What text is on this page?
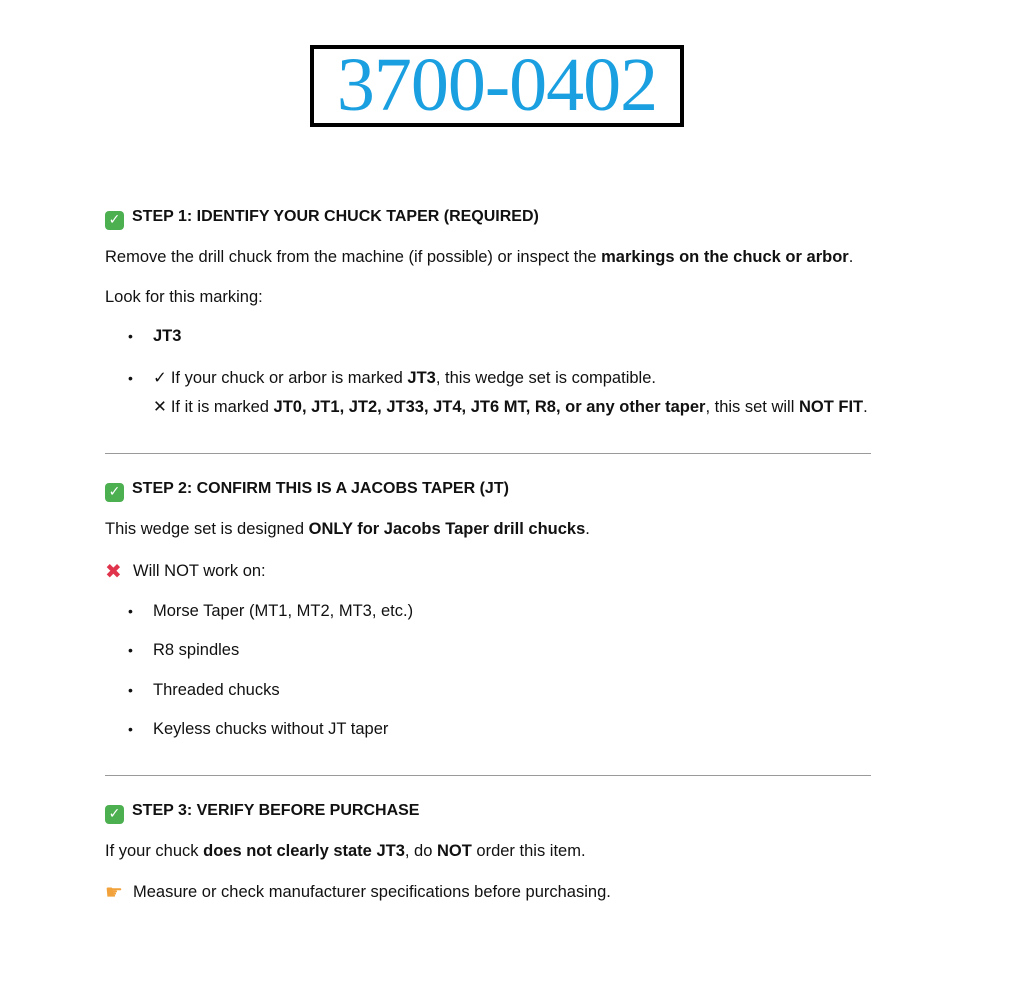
3700-0402
✓ STEP 1: IDENTIFY YOUR CHUCK TAPER (REQUIRED)
Remove the drill chuck from the machine (if possible) or inspect the markings on the chuck or arbor.
Look for this marking:
• JT3
• ✓ If your chuck or arbor is marked JT3, this wedge set is compatible.
✕ If it is marked JT0, JT1, JT2, JT33, JT4, JT6 MT, R8, or any other taper, this set will NOT FIT.
✓ STEP 2: CONFIRM THIS IS A JACOBS TAPER (JT)
This wedge set is designed ONLY for Jacobs Taper drill chucks.
✖ Will NOT work on:
• Morse Taper (MT1, MT2, MT3, etc.)
• R8 spindles
• Threaded chucks
• Keyless chucks without JT taper
✓ STEP 3: VERIFY BEFORE PURCHASE
If your chuck does not clearly state JT3, do NOT order this item.
☛ Measure or check manufacturer specifications before purchasing.
